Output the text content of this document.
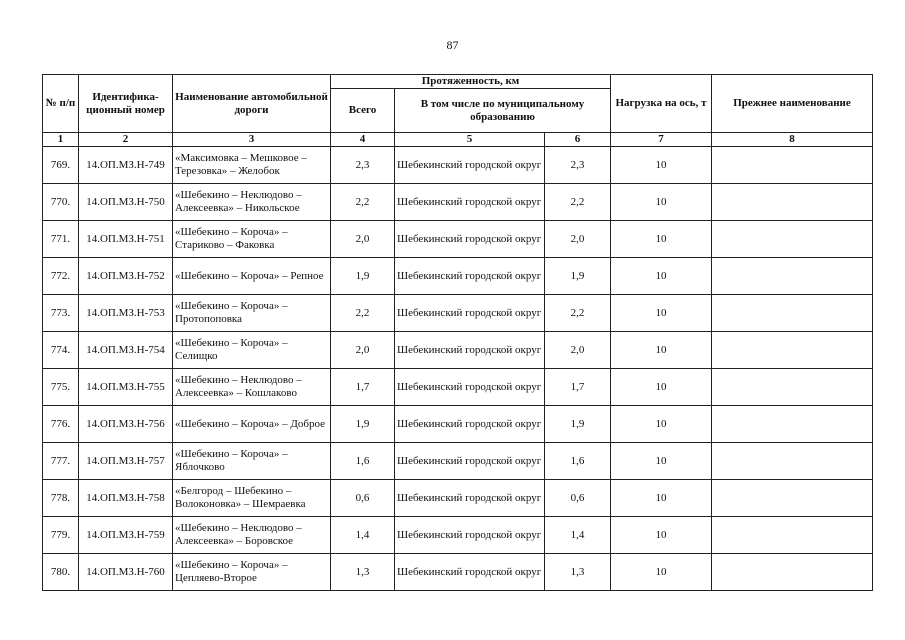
87
№ п/п	Идентифика-ционный номер	Наименование автомобильной дороги	Протяженность, км			Нагрузка на ось, т	Прежнее наименование
			Всего	В том числе по муниципальному образованию			
1	2	3	4	5	6	7	8
769.	14.ОП.МЗ.Н-749	«Максимовка – Мешковое – Терезовка» – Желобок	2,3	Шебекинский городской округ	2,3	10	
770.	14.ОП.МЗ.Н-750	«Шебекино – Неклюдово – Алексеевка» – Никольское	2,2	Шебекинский городской округ	2,2	10	
771.	14.ОП.МЗ.Н-751	«Шебекино – Короча» – Стариково – Факовка	2,0	Шебекинский городской округ	2,0	10	
772.	14.ОП.МЗ.Н-752	«Шебекино – Короча» – Репное	1,9	Шебекинский городской округ	1,9	10	
773.	14.ОП.МЗ.Н-753	«Шебекино – Короча» – Протопоповка	2,2	Шебекинский городской округ	2,2	10	
774.	14.ОП.МЗ.Н-754	«Шебекино – Короча» – Селищко	2,0	Шебекинский городской округ	2,0	10	
775.	14.ОП.МЗ.Н-755	«Шебекино – Неклюдово – Алексеевка» – Кошлаково	1,7	Шебекинский городской округ	1,7	10	
776.	14.ОП.МЗ.Н-756	«Шебекино – Короча» – Доброе	1,9	Шебекинский городской округ	1,9	10	
777.	14.ОП.МЗ.Н-757	«Шебекино – Короча» – Яблочково	1,6	Шебекинский городской округ	1,6	10	
778.	14.ОП.МЗ.Н-758	«Белгород – Шебекино – Волоконовка» – Шемраевка	0,6	Шебекинский городской округ	0,6	10	
779.	14.ОП.МЗ.Н-759	«Шебекино – Неклюдово – Алексеевка» – Боровское	1,4	Шебекинский городской округ	1,4	10	
780.	14.ОП.МЗ.Н-760	«Шебекино – Короча» – Цепляево-Второе	1,3	Шебекинский городской округ	1,3	10	
